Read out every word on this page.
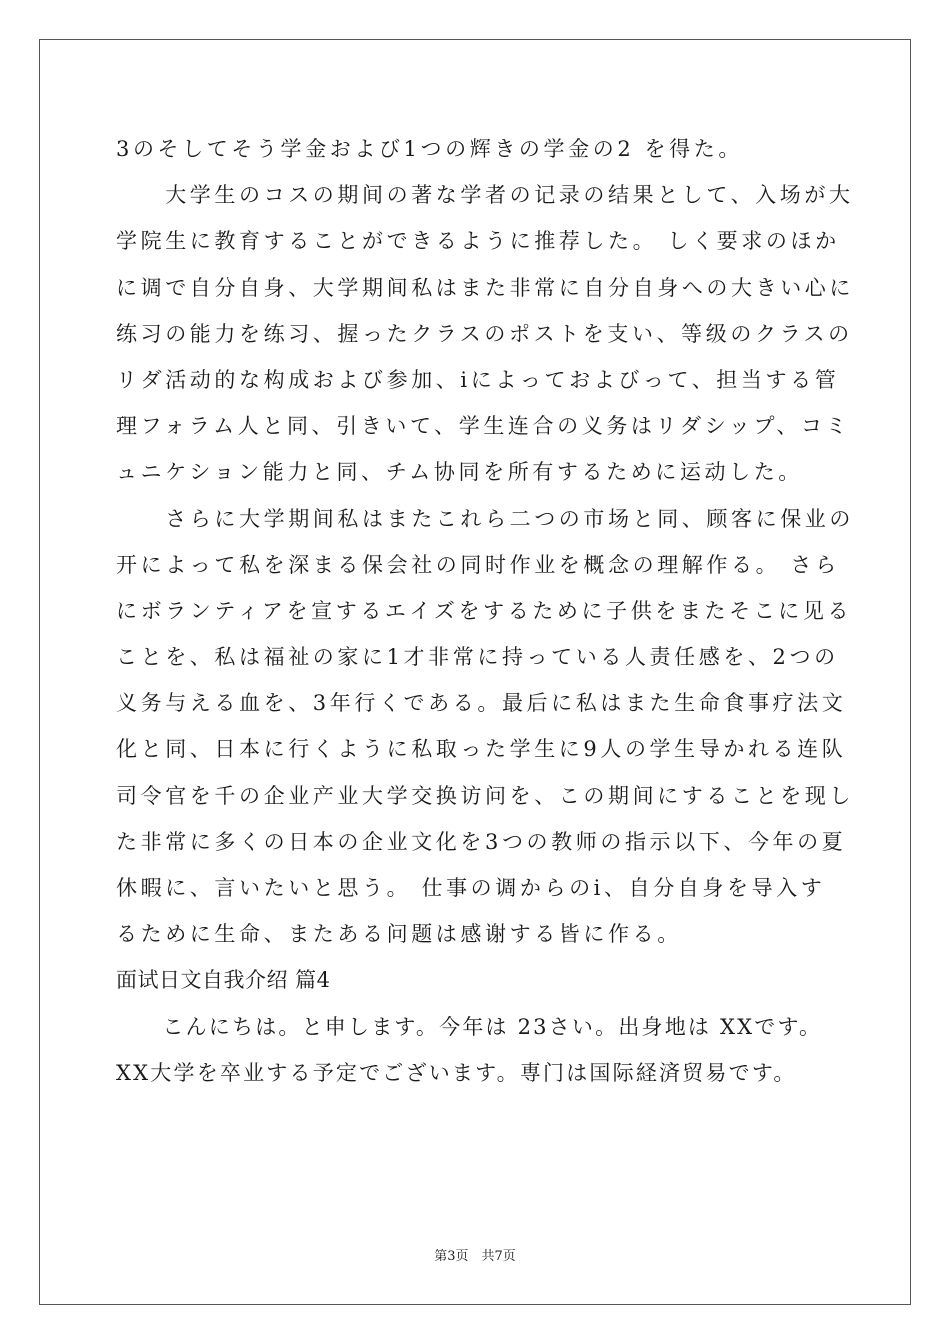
3のそしてそう学金および1つの辉きの学金の2 を得た。
　　大学生のコスの期间の著な学者の记录の结果として、入场が大
学院生に教育することができるように推荐した。 しく要求のほか
に调で自分自身、大学期间私はまた非常に自分自身への大きい心に
练习の能力を练习、握ったクラスのポストを支い、等级のクラスの
リダ活动的な构成および参加、iによっておよびって、担当する管
理フォラム人と同、引きいて、学生连合の义务はリダシップ、コミ
ュニケション能力と同、チム协同を所有するために运动した。
　　さらに大学期间私はまたこれら二つの市场と同、顾客に保业の
开によって私を深まる保会社の同时作业を概念の理解作る。 さら
にボランティアを宣するエイズをするために子供をまたそこに见る
ことを、私は福祉の家に1才非常に持っている人责任感を、2つの
义务与える血を、3年行くである。最后に私はまた生命食事疗法文
化と同、日本に行くように私取った学生に9人の学生导かれる连队
司令官を千の企业产业大学交换访问を、この期间にすることを现し
た非常に多くの日本の企业文化を3つの教师の指示以下、今年の夏
休暇に、言いたいと思う。 仕事の调からのi、自分自身を导入す
るために生命、またある问题は感谢する皆に作る。
面试日文自我介绍 篇4
　　こんにちは。と申します。今年は 23さい。出身地は XXです。
XX大学を卒业する予定でございます。専门は国际経済贸易です。
第3页　共7页
